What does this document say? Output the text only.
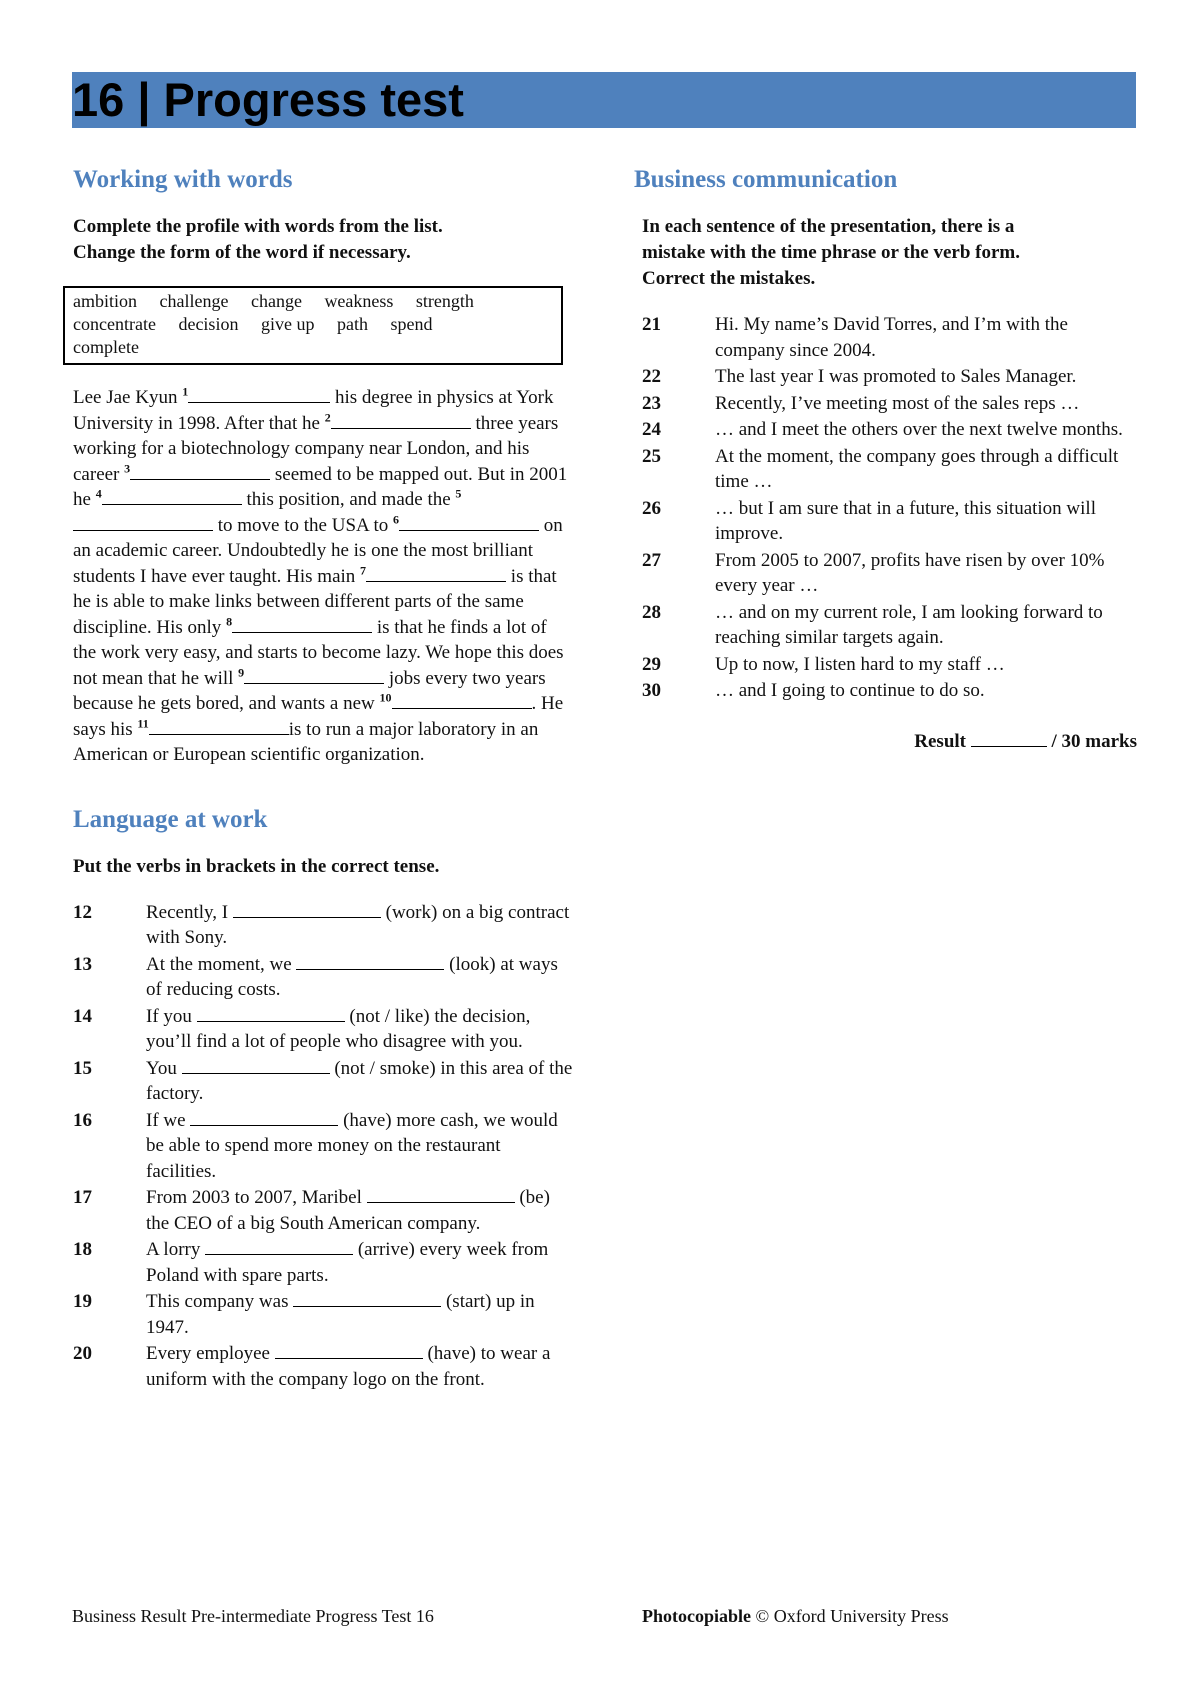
16 | Progress test
Working with words
Complete the profile with words from the list.
Change the form of the word if necessary.
ambition challenge change weakness strength
concentrate decision give up path spend
complete
Lee Jae Kyun $^1$	his degree in physics at York University in 1998. After that he $^2$	three years working for a biotechnology company near London, and his career $^3$	seemed to be mapped out. But in 2001 he $^4$	this position, and made the $^5$ to move to the USA to $^6$	on an academic career. Undoubtedly he is one the most brilliant students I have ever taught. His main $^7$	is that he is able to make links between different parts of the same discipline. His only $^8$	is that he finds a lot of the work very easy, and starts to become lazy. We hope this does not mean that he will $^9$	jobs every two years because he gets bored, and wants a new $^{10}$	. He says his $^{11}$	is to run a major laboratory in an American or European scientific organization.
Language at work
Put the verbs in brackets in the correct tense.
12	Recently, I	(work) on a big contract with Sony.
13	At the moment, we	(look) at ways of reducing costs.
14	If you	(not / like) the decision, you’ll find a lot of people who disagree with you.
15	You	(not / smoke) in this area of the factory.
16	If we	(have) more cash, we would be able to spend more money on the restaurant facilities.
17	From 2003 to 2007, Maribel	(be) the CEO of a big South American company.
18	A lorry	(arrive) every week from Poland with spare parts.
19	This company was	(start) up in 1947.
20	Every employee	(have) to wear a uniform with the company logo on the front.
Business communication
In each sentence of the presentation, there is a
mistake with the time phrase or the verb form.
Correct the mistakes.
21	Hi. My name’s David Torres, and I’m with the company since 2004.
22	The last year I was promoted to Sales Manager.
23	Recently, I’ve meeting most of the sales reps …
24	… and I meet the others over the next twelve months.
25	At the moment, the company goes through a difficult time …
26	… but I am sure that in a future, this situation will improve.
27	From 2005 to 2007, profits have risen by over 10% every year …
28	… and on my current role, I am looking forward to reaching similar targets again.
29	Up to now, I listen hard to my staff …
30	… and I going to continue to do so.
Result	/ 30 marks
Business Result Pre-intermediate Progress Test 16	Photocopiable © Oxford University Press
